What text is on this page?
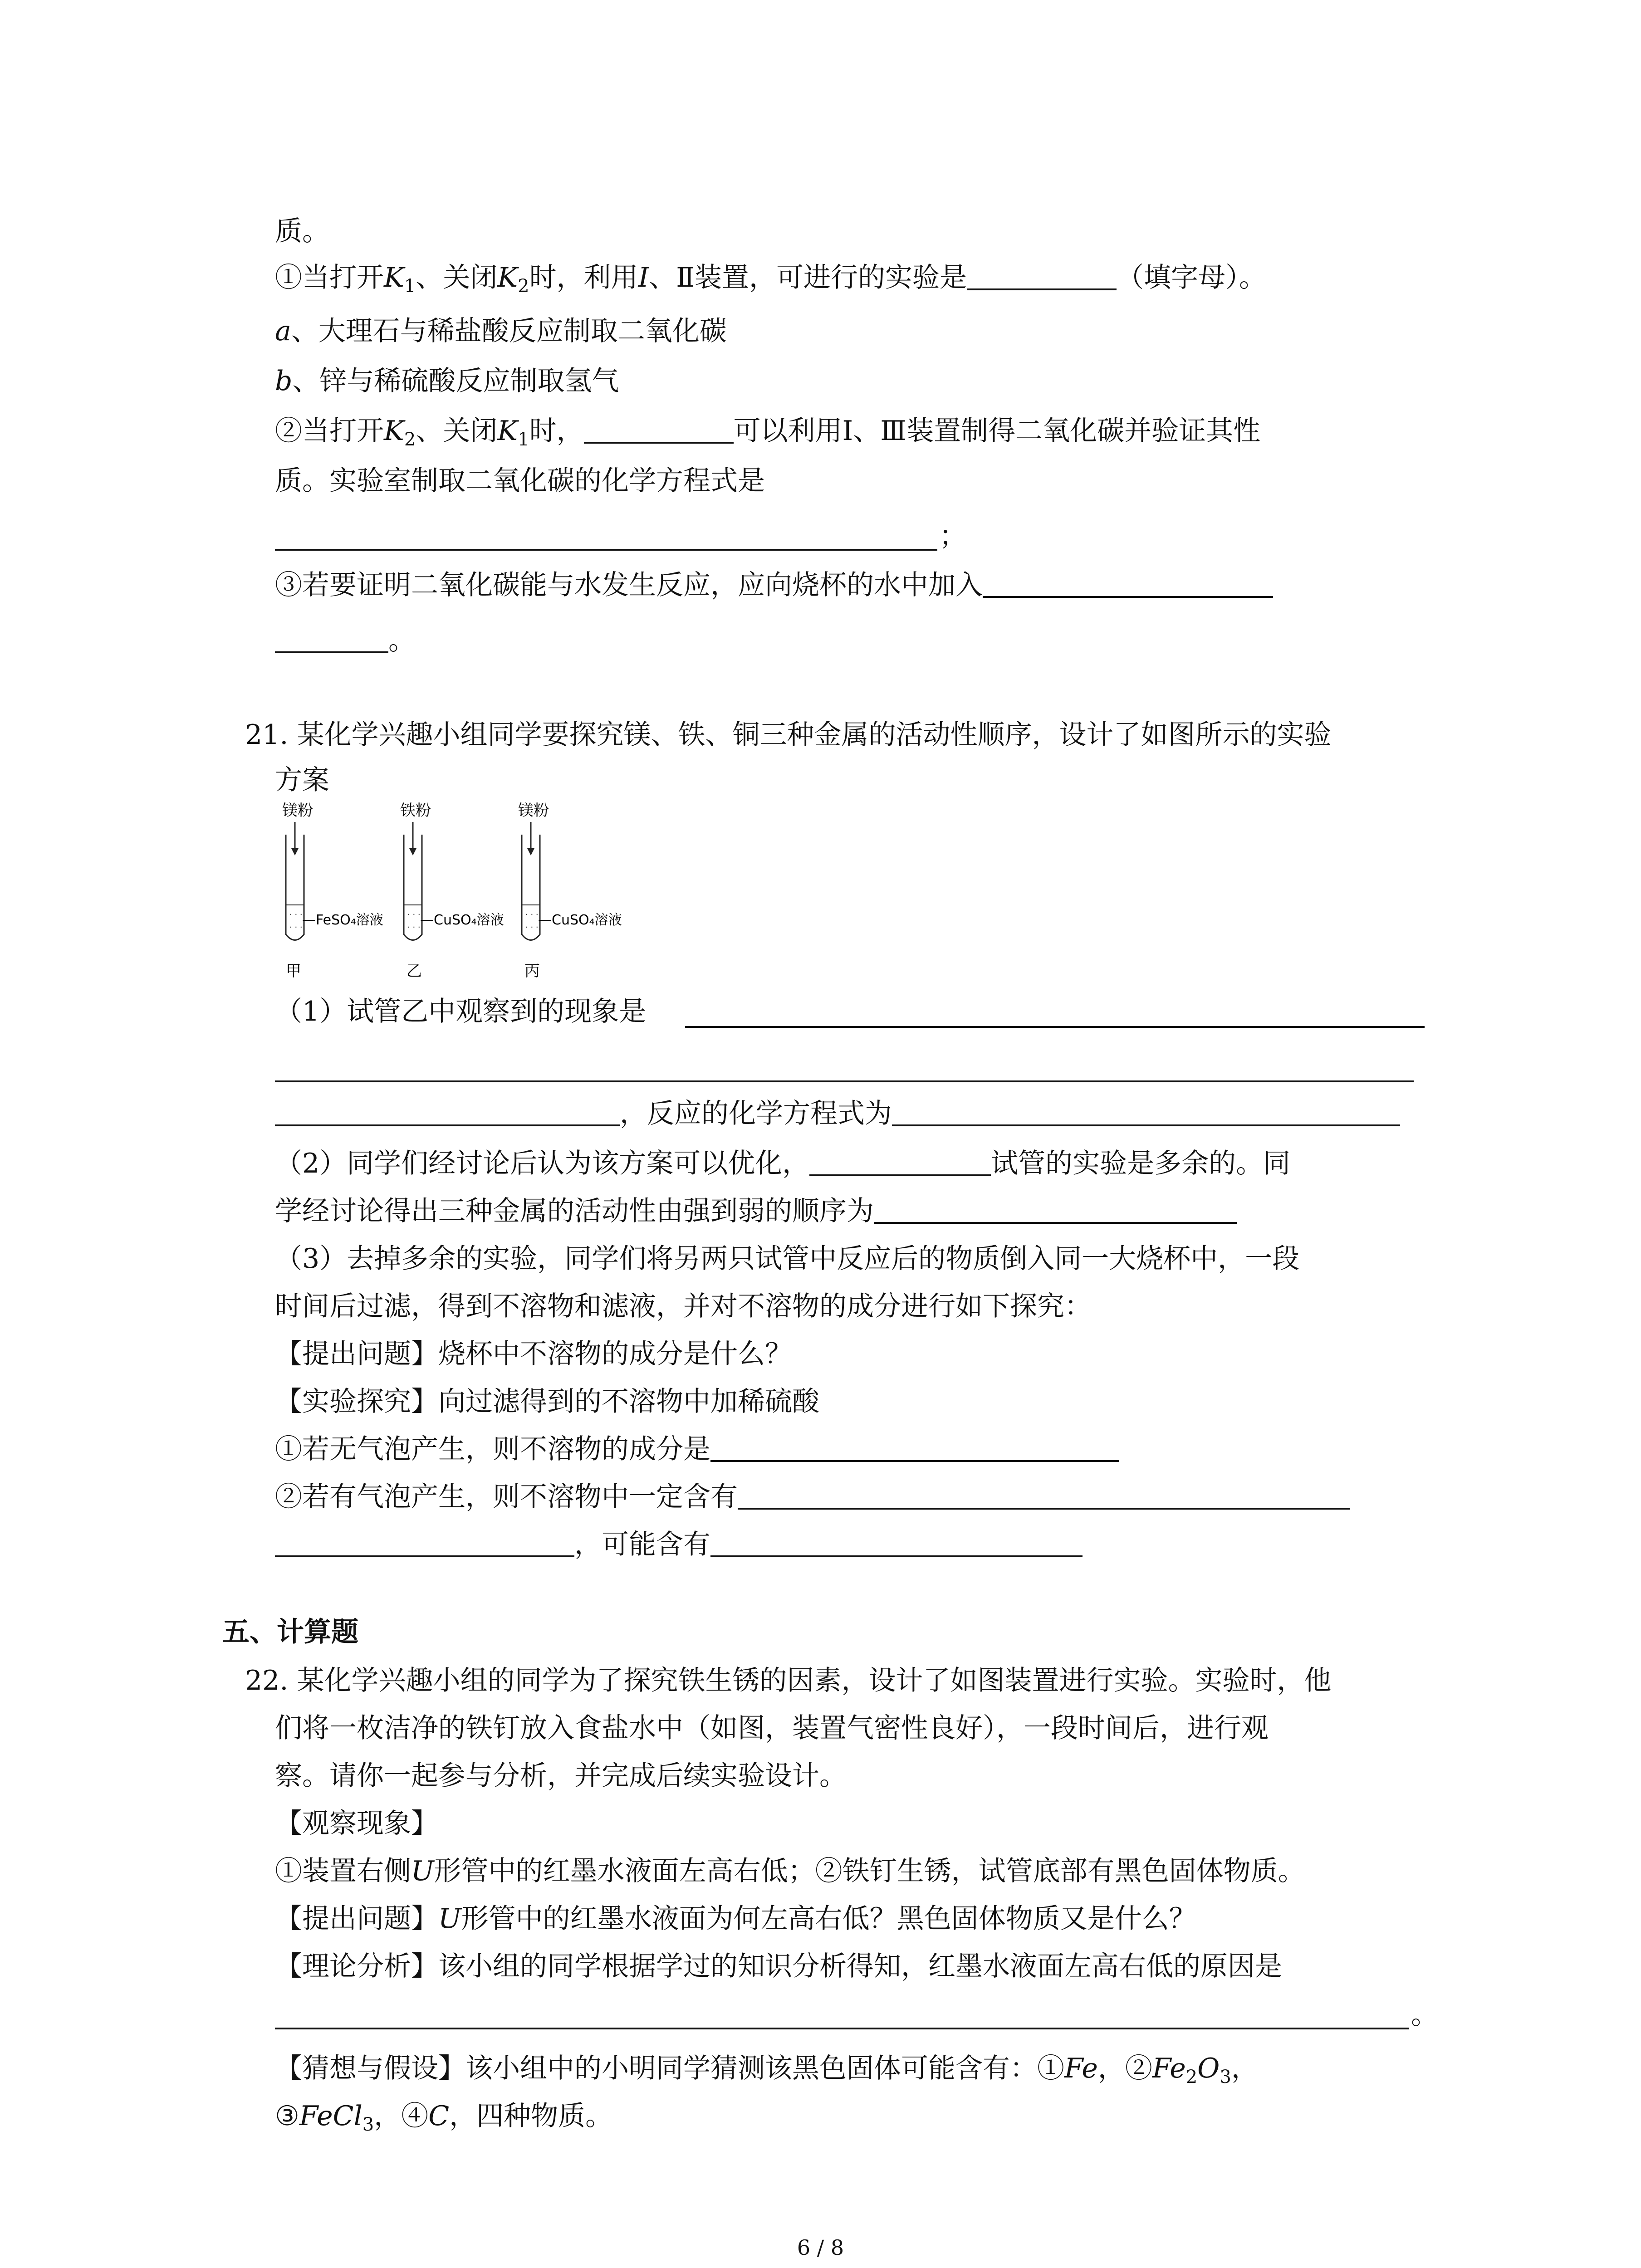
质。
①当打开$K_1$、关闭$K_2$时，利用I、Ⅱ装置，可进行的实验是	（填字母）。
a、大理石与稀盐酸反应制取二氧化碳
b、锌与稀硫酸反应制取氢气
②当打开$K_2$、关闭$K_1$时，	可以利用Ⅰ、Ⅲ装置制得二氧化碳并验证其性
质。实验室制取二氧化碳的化学方程式是
；
③若要证明二氧化碳能与水发生反应，应向烧杯的水中加入
。
21. 某化学兴趣小组同学要探究镁、铁、铜三种金属的活动性顺序，设计了如图所示的实验
方案
镁粉
· · ·
· · · —FeSO₄溶液
甲
铁粉
· · ·
· · · —CuSO₄溶液
乙
镁粉
· · ·
· · · —CuSO₄溶液
丙
（1）试管乙中观察到的现象是
，反应的化学方程式为
（2）同学们经讨论后认为该方案可以优化，	试管的实验是多余的。同
学经讨论得出三种金属的活动性由强到弱的顺序为
（3）去掉多余的实验，同学们将另两只试管中反应后的物质倒入同一大烧杯中，一段
时间后过滤，得到不溶物和滤液，并对不溶物的成分进行如下探究：
【提出问题】烧杯中不溶物的成分是什么？
【实验探究】向过滤得到的不溶物中加稀硫酸
①若无气泡产生，则不溶物的成分是
②若有气泡产生，则不溶物中一定含有
，可能含有
五、计算题
22. 某化学兴趣小组的同学为了探究铁生锈的因素，设计了如图装置进行实验。实验时，他
们将一枚洁净的铁钉放入食盐水中（如图，装置气密性良好），一段时间后，进行观
察。请你一起参与分析，并完成后续实验设计。
【观察现象】
①装置右侧U形管中的红墨水液面左高右低；②铁钉生锈，试管底部有黑色固体物质。
【提出问题】U形管中的红墨水液面为何左高右低？黑色固体物质又是什么？
【理论分析】该小组的同学根据学过的知识分析得知，红墨水液面左高右低的原因是
。
【猜想与假设】该小组中的小明同学猜测该黑色固体可能含有：①Fe，$②Fe_2O_3$，
③FeCl$_3$，④C，四种物质。
6 / 8
